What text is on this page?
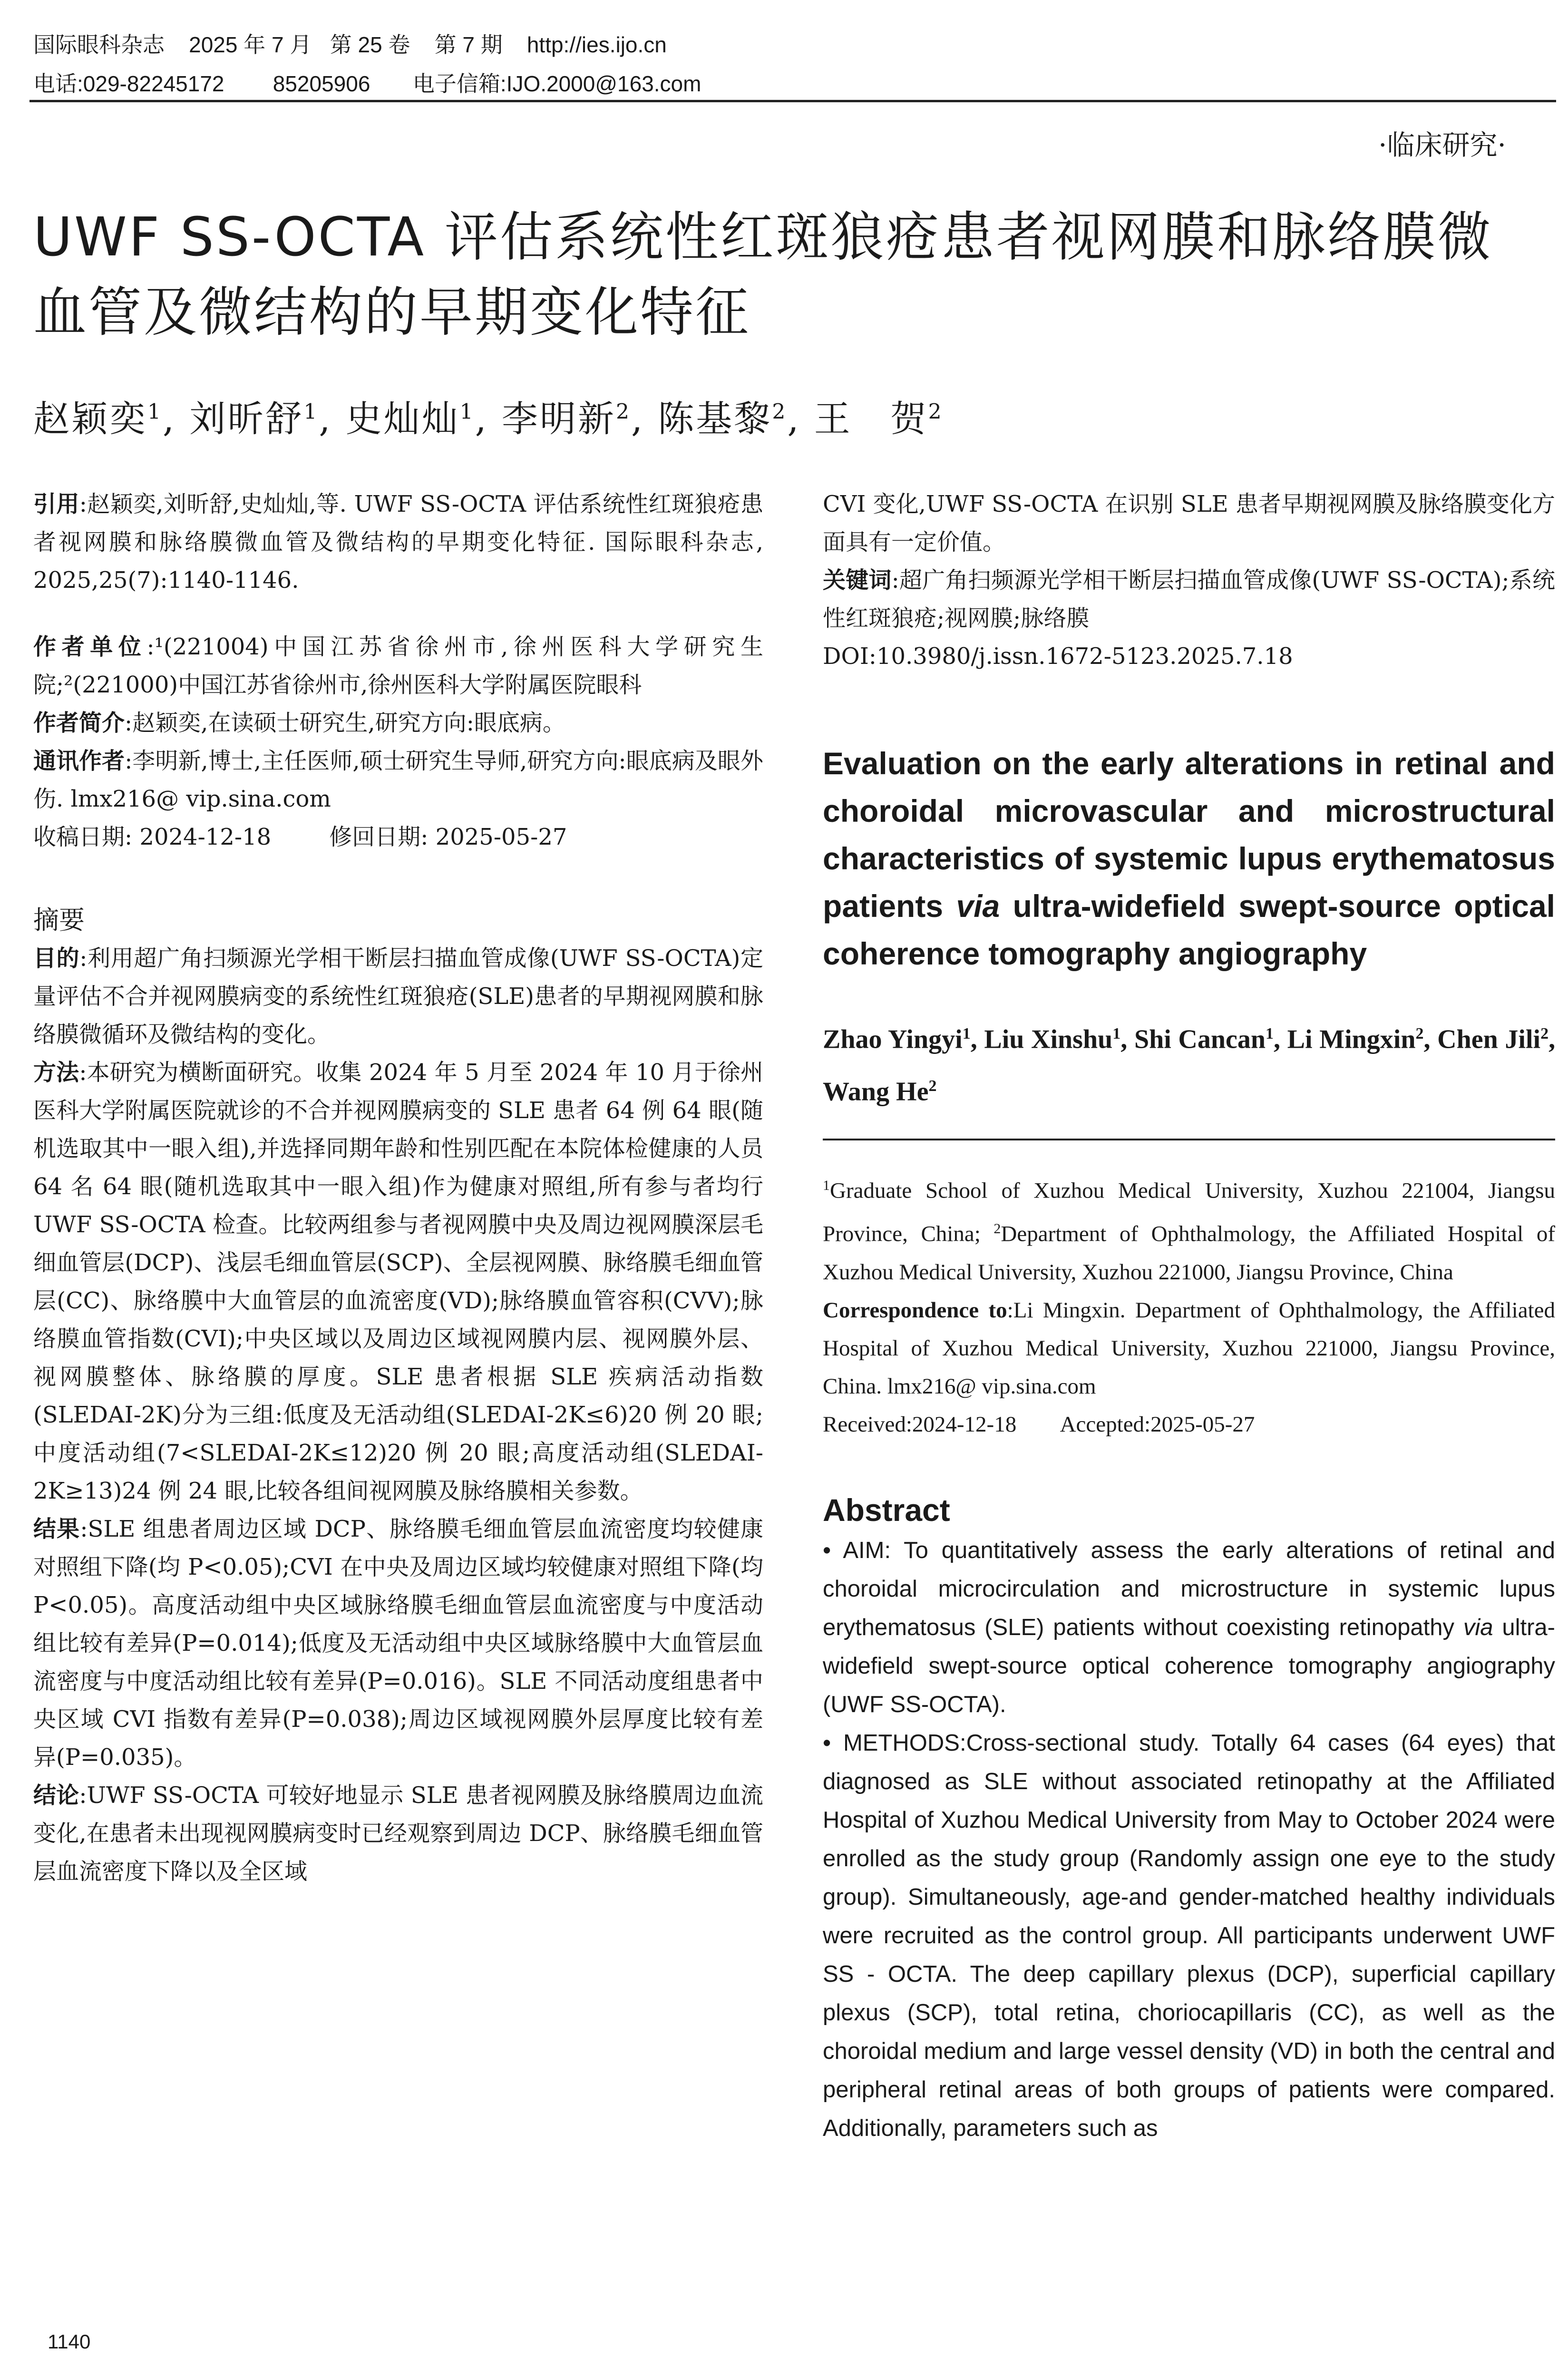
国际眼科杂志    2025 年 7 月   第 25 卷    第 7 期    http://ies.ijo.cn
电话:029-82245172        85205906       电子信箱:IJO.2000@163.com
·临床研究·
UWF SS-OCTA 评估系统性红斑狼疮患者视网膜和脉络膜微血管及微结构的早期变化特征
赵颖奕$^1$, 刘昕舒$^1$, 史灿灿$^1$, 李明新$^2$, 陈基黎$^2$, 王　贺$^2$

引用:赵颖奕,刘昕舒,史灿灿,等. UWF SS-OCTA 评估系统性红斑狼疮患者视网膜和脉络膜微血管及微结构的早期变化特征. 国际眼科杂志, 2025,25(7):1140-1146.

作者单位:¹(221004)中国江苏省徐州市,徐州医科大学研究生院;²(221000)中国江苏省徐州市,徐州医科大学附属医院眼科

作者简介:赵颖奕,在读硕士研究生,研究方向:眼底病。

通讯作者:李明新,博士,主任医师,硕士研究生导师,研究方向:眼底病及眼外伤. lmx216@ vip.sina.com

收稿日期: 2024-12-18        修回日期: 2025-05-27

摘要

目的:利用超广角扫频源光学相干断层扫描血管成像(UWF SS-OCTA)定量评估不合并视网膜病变的系统性红斑狼疮(SLE)患者的早期视网膜和脉络膜微循环及微结构的变化。

方法:本研究为横断面研究。收集 2024 年 5 月至 2024 年 10 月于徐州医科大学附属医院就诊的不合并视网膜病变的 SLE 患者 64 例 64 眼(随机选取其中一眼入组),并选择同期年龄和性别匹配在本院体检健康的人员 64 名 64 眼(随机选取其中一眼入组)作为健康对照组,所有参与者均行 UWF SS-OCTA 检查。比较两组参与者视网膜中央及周边视网膜深层毛细血管层(DCP)、浅层毛细血管层(SCP)、全层视网膜、脉络膜毛细血管层(CC)、脉络膜中大血管层的血流密度(VD);脉络膜血管容积(CVV);脉络膜血管指数(CVI);中央区域以及周边区域视网膜内层、视网膜外层、视网膜整体、脉络膜的厚度。SLE 患者根据 SLE 疾病活动指数(SLEDAI-2K)分为三组:低度及无活动组(SLEDAI-2K≤6)20 例 20 眼;中度活动组(7<SLEDAI-2K≤12)20 例 20 眼;高度活动组(SLEDAI-2K≥13)24 例 24 眼,比较各组间视网膜及脉络膜相关参数。

结果:SLE 组患者周边区域 DCP、脉络膜毛细血管层血流密度均较健康对照组下降(均 P<0.05);CVI 在中央及周边区域均较健康对照组下降(均 P<0.05)。高度活动组中央区域脉络膜毛细血管层血流密度与中度活动组比较有差异(P=0.014);低度及无活动组中央区域脉络膜中大血管层血流密度与中度活动组比较有差异(P=0.016)。SLE 不同活动度组患者中央区域 CVI 指数有差异(P=0.038);周边区域视网膜外层厚度比较有差异(P=0.035)。

结论:UWF SS-OCTA 可较好地显示 SLE 患者视网膜及脉络膜周边血流变化,在患者未出现视网膜病变时已经观察到周边 DCP、脉络膜毛细血管层血流密度下降以及全区域

CVI 变化,UWF SS-OCTA 在识别 SLE 患者早期视网膜及脉络膜变化方面具有一定价值。

关键词:超广角扫频源光学相干断层扫描血管成像(UWF SS-OCTA);系统性红斑狼疮;视网膜;脉络膜

DOI:10.3980/j.issn.1672-5123.2025.7.18

Evaluation on the early alterations in retinal and choroidal microvascular and microstructural characteristics of systemic lupus erythematosus patients via ultra-widefield swept-source optical coherence tomography angiography

Zhao Yingyi$^1$, Liu Xinshu$^1$, Shi Cancan$^1$, Li Mingxin$^2$, Chen Jili$^2$, Wang He$^2$

$^1$Graduate School of Xuzhou Medical University, Xuzhou 221004, Jiangsu Province, China; $^2$Department of Ophthalmology, the Affiliated Hospital of Xuzhou Medical University, Xuzhou 221000, Jiangsu Province, China

Correspondence to:Li Mingxin. Department of Ophthalmology, the Affiliated Hospital of Xuzhou Medical University, Xuzhou 221000, Jiangsu Province, China. lmx216@ vip.sina.com

Received:2024-12-18        Accepted:2025-05-27

Abstract

• AIM: To quantitatively assess the early alterations of retinal and choroidal microcirculation and microstructure in systemic lupus erythematosus (SLE) patients without coexisting retinopathy via ultra-widefield swept-source optical coherence tomography angiography (UWF SS-OCTA).

• METHODS:Cross-sectional study. Totally 64 cases (64 eyes) that diagnosed as SLE without associated retinopathy at the Affiliated Hospital of Xuzhou Medical University from May to October 2024 were enrolled as the study group (Randomly assign one eye to the study group). Simultaneously, age-and gender-matched healthy individuals were recruited as the control group. All participants underwent UWF SS - OCTA. The deep capillary plexus (DCP), superficial capillary plexus (SCP), total retina, choriocapillaris (CC), as well as the choroidal medium and large vessel density (VD) in both the central and peripheral retinal areas of both groups of patients were compared. Additionally, parameters such as

1140
